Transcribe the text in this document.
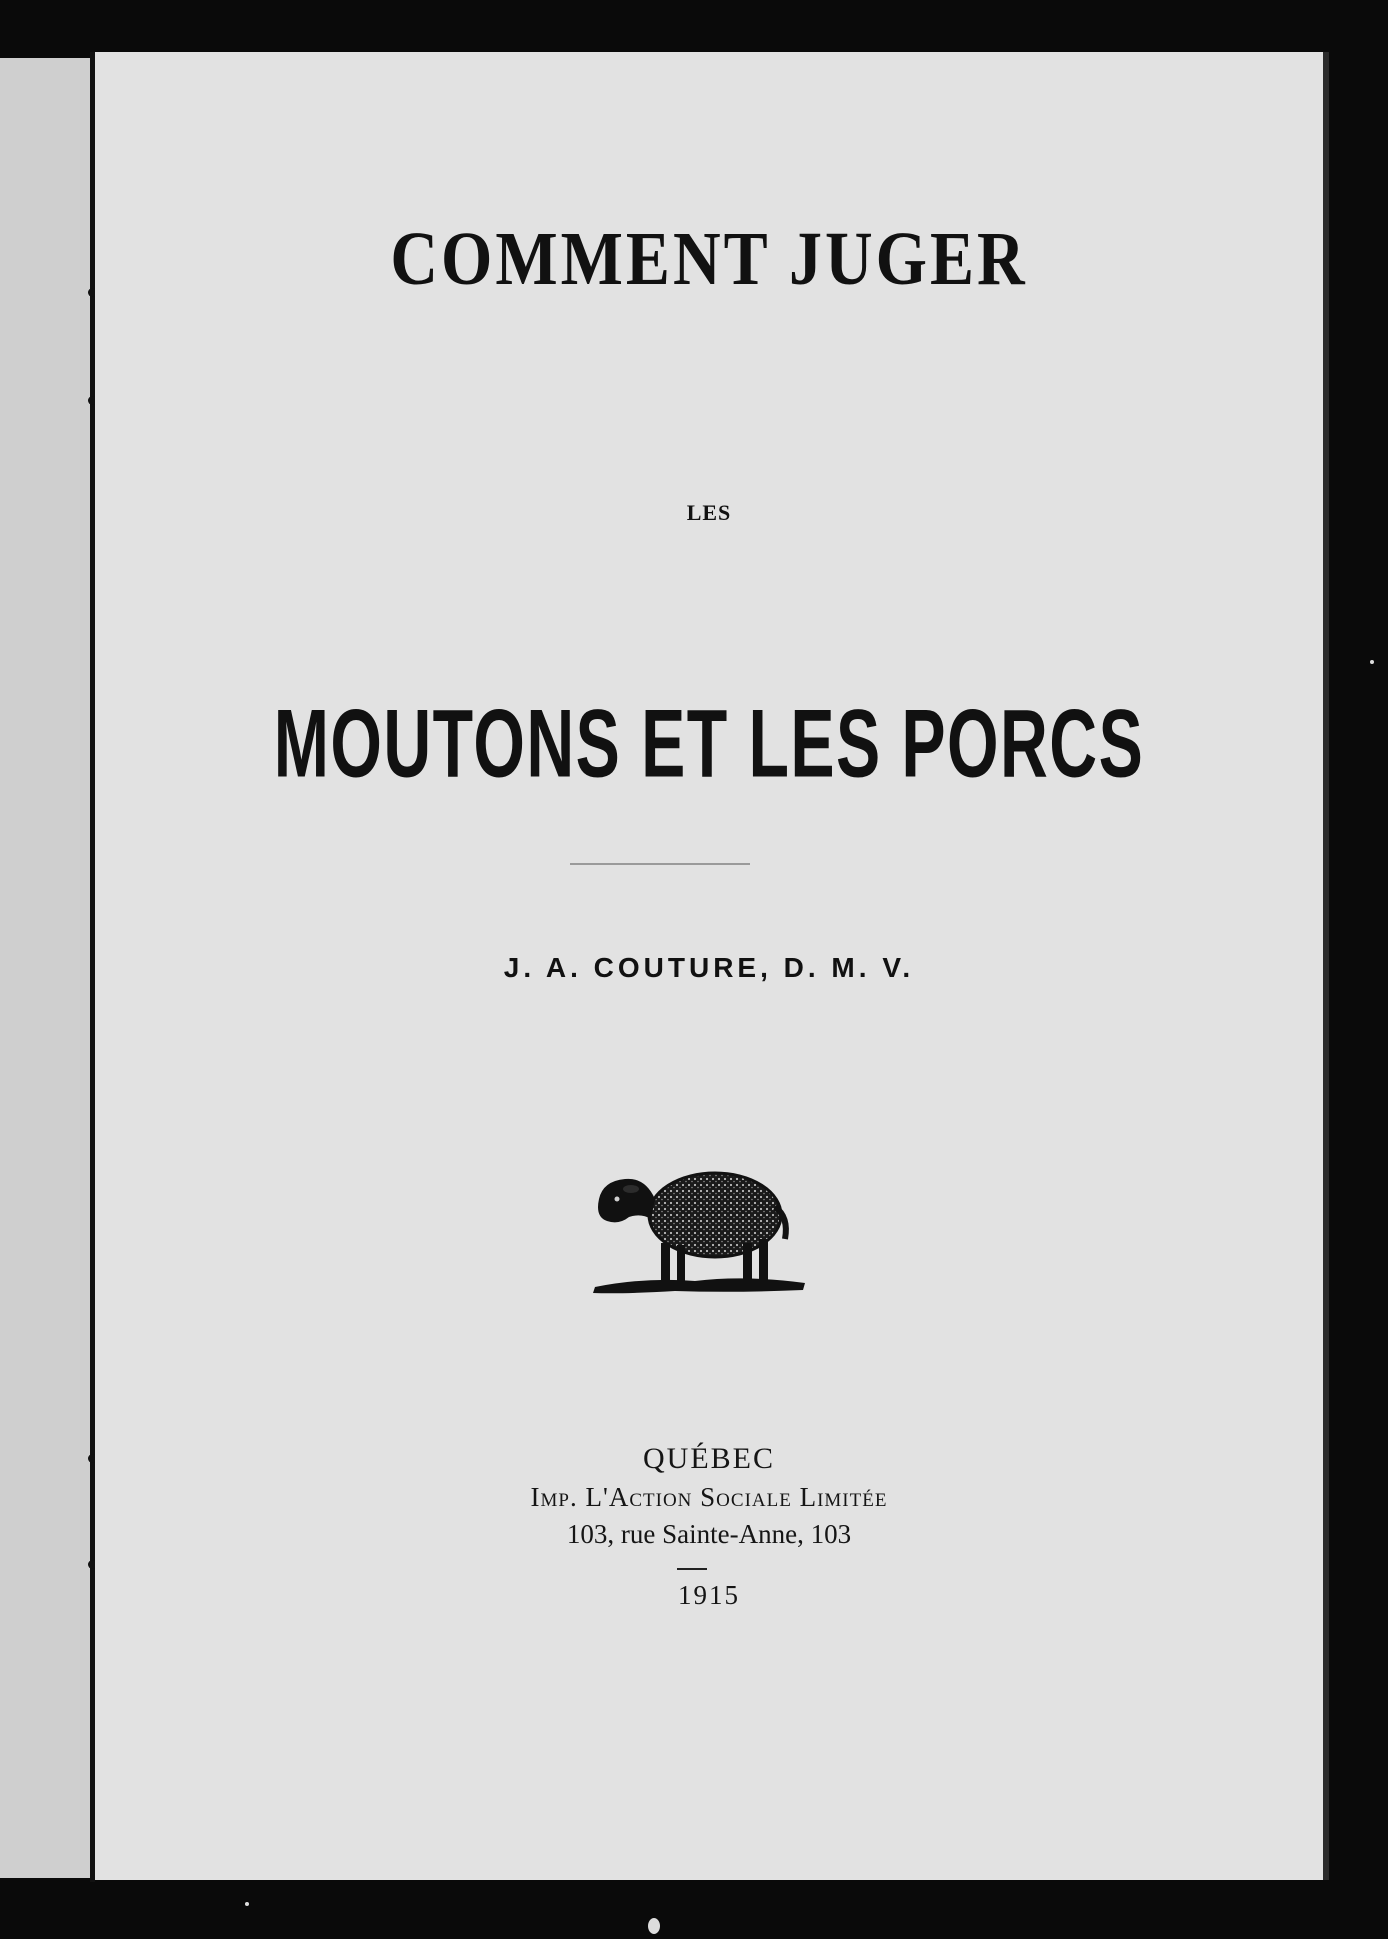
COMMENT JUGER
LES
MOUTONS ET LES PORCS
J. A. COUTURE, D. M. V.
QUÉBEC
Imp. L'Action Sociale Limitée
103, rue Sainte-Anne, 103
1915
